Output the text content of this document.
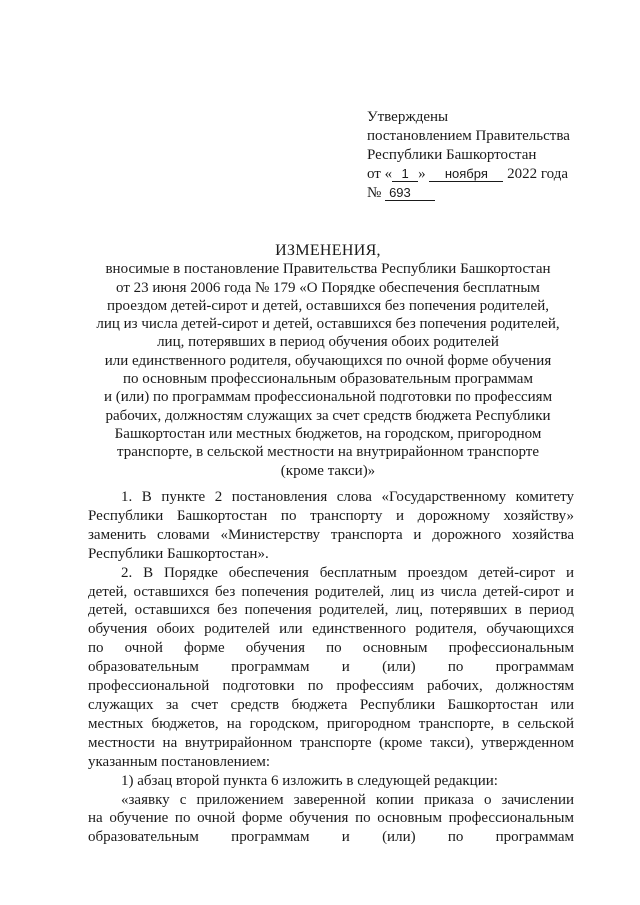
Утверждены
постановлением Правительства
Республики Башкортостан
от « 1 » ноября 2022 года
№ 693
ИЗМЕНЕНИЯ,
вносимые в постановление Правительства Республики Башкортостан
от 23 июня 2006 года № 179 «О Порядке обеспечения бесплатным
проездом детей-сирот и детей, оставшихся без попечения родителей,
лиц из числа детей-сирот и детей, оставшихся без попечения родителей,
лиц, потерявших в период обучения обоих родителей
или единственного родителя, обучающихся по очной форме обучения
по основным профессиональным образовательным программам
и (или) по программам профессиональной подготовки по профессиям
рабочих, должностям служащих за счет средств бюджета Республики
Башкортостан или местных бюджетов, на городском, пригородном
транспорте, в сельской местности на внутрирайонном транспорте
(кроме такси)»
1. В пункте 2 постановления слова «Государственному комитету
Республики Башкортостан по транспорту и дорожному хозяйству»
заменить словами «Министерству транспорта и дорожного хозяйства
Республики Башкортостан».
2. В Порядке обеспечения бесплатным проездом детей-сирот и
детей, оставшихся без попечения родителей, лиц из числа детей-сирот и
детей, оставшихся без попечения родителей, лиц, потерявших в период
обучения обоих родителей или единственного родителя, обучающихся
по очной форме обучения по основным профессиональным
образовательным программам и (или) по программам
профессиональной подготовки по профессиям рабочих, должностям
служащих за счет средств бюджета Республики Башкортостан или
местных бюджетов, на городском, пригородном транспорте, в сельской
местности на внутрирайонном транспорте (кроме такси), утвержденном
указанным постановлением:
1) абзац второй пункта 6 изложить в следующей редакции:
«заявку с приложением заверенной копии приказа о зачислении
на обучение по очной форме обучения по основным профессиональным
образовательным программам и (или) по программам
